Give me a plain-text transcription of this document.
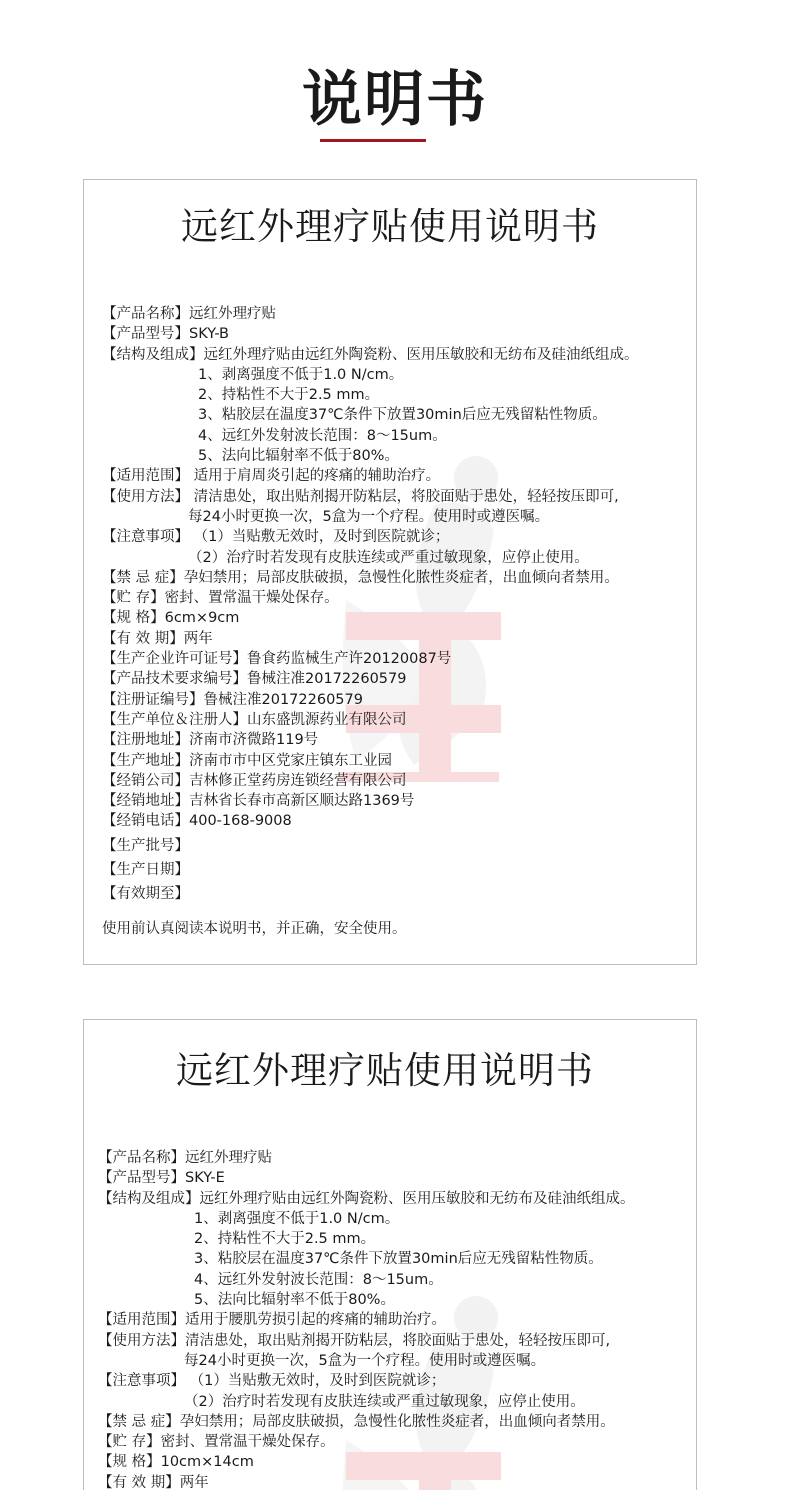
说明书
远红外理疗贴使用说明书
【产品名称】远红外理疗贴
【产品型号】SKY-B
【结构及组成】远红外理疗贴由远红外陶瓷粉、医用压敏胶和无纺布及硅油纸组成。
1、剥离强度不低于1.0 N/cm。
2、持粘性不大于2.5 mm。
3、粘胶层在温度37℃条件下放置30min后应无残留粘性物质。
4、远红外发射波长范围：8～15um。
5、法向比辐射率不低于80%。
【适用范围】 适用于肩周炎引起的疼痛的辅助治疗。
【使用方法】 清洁患处，取出贴剂揭开防粘层，将胶面贴于患处，轻轻按压即可,
每24小时更换一次，5盒为一个疗程。使用时或遵医嘱。
【注意事项】 （1）当贴敷无效时，及时到医院就诊；
（2）治疗时若发现有皮肤连续或严重过敏现象，应停止使用。
【禁 忌 症】孕妇禁用；局部皮肤破损，急慢性化脓性炎症者，出血倾向者禁用。
【贮 存】密封、置常温干燥处保存。
【规 格】6cm×9cm
【有 效 期】两年
【生产企业许可证号】鲁食药监械生产许20120087号
【产品技术要求编号】鲁械注准20172260579
【注册证编号】鲁械注准20172260579
【生产单位＆注册人】山东盛凯源药业有限公司
【注册地址】济南市济微路119号
【生产地址】济南市市中区党家庄镇东工业园
【经销公司】吉林修正堂药房连锁经营有限公司
【经销地址】吉林省长春市高新区顺达路1369号
【经销电话】400-168-9008
【生产批号】
【生产日期】
【有效期至】
使用前认真阅读本说明书，并正确，安全使用。
远红外理疗贴使用说明书
【产品名称】远红外理疗贴
【产品型号】SKY-E
【结构及组成】远红外理疗贴由远红外陶瓷粉、医用压敏胶和无纺布及硅油纸组成。
1、剥离强度不低于1.0 N/cm。
2、持粘性不大于2.5 mm。
3、粘胶层在温度37℃条件下放置30min后应无残留粘性物质。
4、远红外发射波长范围：8～15um。
5、法向比辐射率不低于80%。
【适用范围】适用于腰肌劳损引起的疼痛的辅助治疗。
【使用方法】清洁患处，取出贴剂揭开防粘层，将胶面贴于患处，轻轻按压即可,
每24小时更换一次，5盒为一个疗程。使用时或遵医嘱。
【注意事项】 （1）当贴敷无效时，及时到医院就诊；
（2）治疗时若发现有皮肤连续或严重过敏现象，应停止使用。
【禁 忌 症】孕妇禁用；局部皮肤破损，急慢性化脓性炎症者，出血倾向者禁用。
【贮 存】密封、置常温干燥处保存。
【规 格】10cm×14cm
【有 效 期】两年
